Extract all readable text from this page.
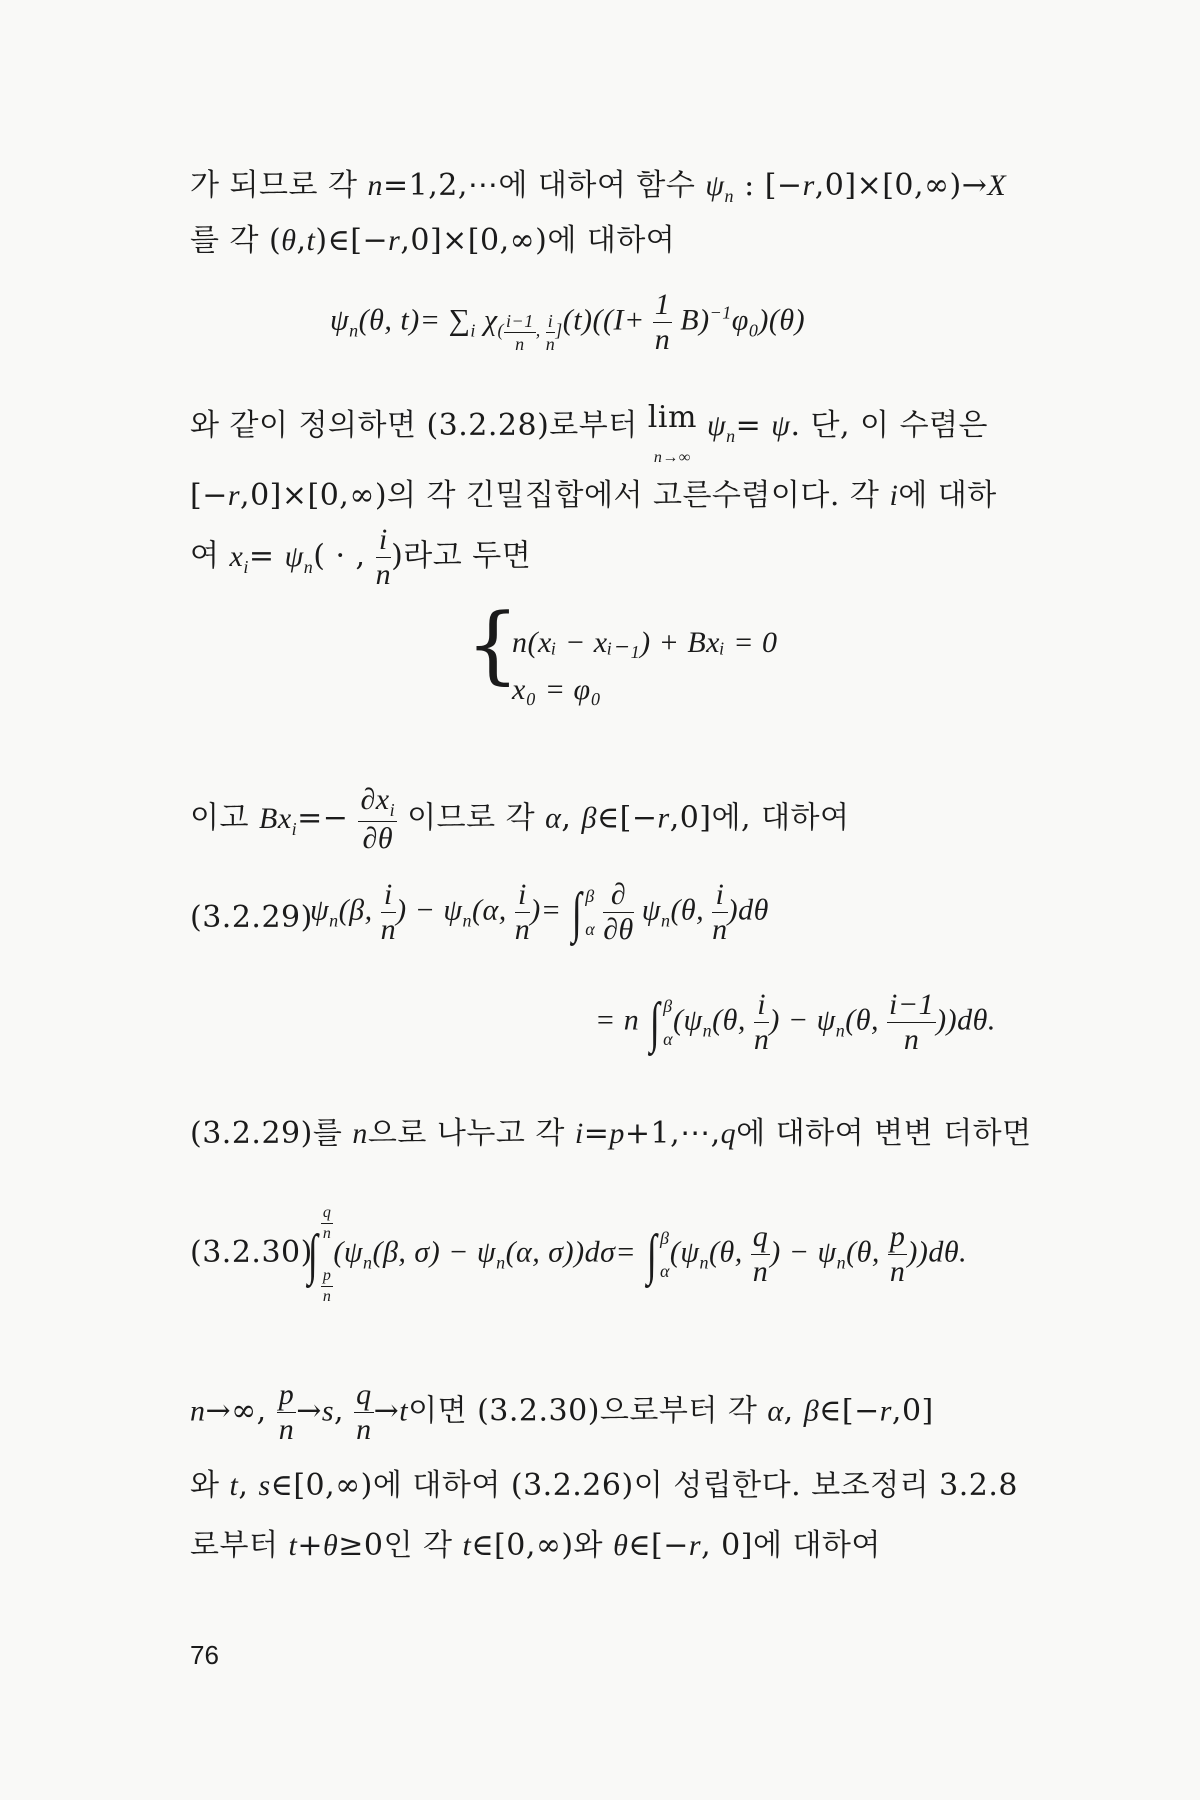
가 되므로 각 n=1,2,⋯에 대하여 함수 $\psi_n$ : [−r,0]×[0,∞)→X
를 각 (θ,t)∈[−r,0]×[0,∞)에 대하여
$\psi_n(\theta$, $t)= \sum_i$ $\chi_{( \frac{i-1}{n} , \frac{i}{n} ]}(t)((I+ \frac{1}{n} B)^{-1}\varphi_0)(\theta)$
와 같이 정의하면 (3.2.28)로부터 lim
n→∞ $\psi_n= \psi$. 단, 이 수렴은
[−r,0]×[0,∞)의 각 긴밀집합에서 고른수렴이다. 각 i에 대하
여 $x_i= \psi_n$( · , $\frac{i}{n}$ )라고 두면
{
n(xᵢ − xᵢ₋₁) + Bxᵢ = 0
x₀ = φ₀
이고 $Bx_i=- \frac{\partial x_i}{\partial\theta}$ 이므로 각 α, β∈[−r,0]에, 대하여
(3.2.29)
$\psi_n(\beta$, $\frac{i}{n}$ ) − $\psi_n(\alpha$, $\frac{i}{n}$ )= ∫ β
α $\frac{\partial}{\partial\theta} \psi_n(\theta$, $\frac{i}{n} )d\theta$
= n ∫ β
$\alpha(\psi_n(\theta$, $\frac{i}{n}$ ) − $\psi_n(\theta$, $\frac{i-1}{n} ))d\theta$.
(3.2.29)를 n으로 나누고 각 i=p+1,⋯,q에 대하여 변변 더하면
(3.2.30)
∫
$\frac{q}{n}$

$\frac{p}{n}$
($\psi_n(\beta$, $\sigma) - \psi_n(\alpha$, σ))dσ= ∫ β
$\alpha(\psi_n(\theta$, $\frac{q}{n}$ ) − $\psi_n(\theta$, $\frac{p}{n} ))d\theta$.
n→∞, $\frac{p}{n} \to s$, $\frac{q}{n} \to t$이면 (3.2.30)으로부터 각 α, β∈[−r,0]
와 t, s∈[0,∞)에 대하여 (3.2.26)이 성립한다. 보조정리 3.2.8
로부터 t+θ≥0인 각 t∈[0,∞)와 θ∈[−r, 0]에 대하여
76
